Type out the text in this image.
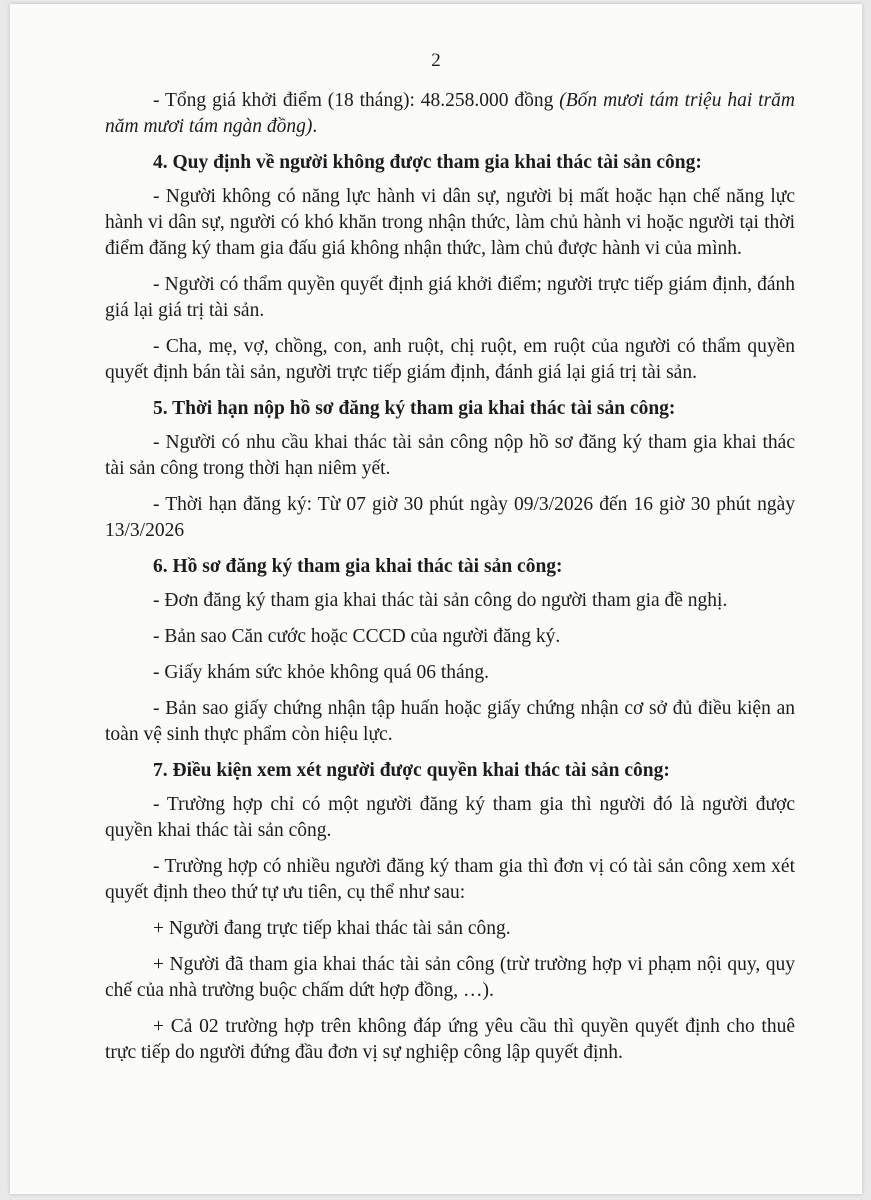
2

- Tổng giá khởi điểm (18 tháng): 48.258.000 đồng (Bốn mươi tám triệu hai trăm năm mươi tám ngàn đồng).

4. Quy định về người không được tham gia khai thác tài sản công:

- Người không có năng lực hành vi dân sự, người bị mất hoặc hạn chế năng lực hành vi dân sự, người có khó khăn trong nhận thức, làm chủ hành vi hoặc người tại thời điểm đăng ký tham gia đấu giá không nhận thức, làm chủ được hành vi của mình.

- Người có thẩm quyền quyết định giá khởi điểm; người trực tiếp giám định, đánh giá lại giá trị tài sản.

- Cha, mẹ, vợ, chồng, con, anh ruột, chị ruột, em ruột của người có thẩm quyền quyết định bán tài sản, người trực tiếp giám định, đánh giá lại giá trị tài sản.

5. Thời hạn nộp hồ sơ đăng ký tham gia khai thác tài sản công:

- Người có nhu cầu khai thác tài sản công nộp hồ sơ đăng ký tham gia khai thác tài sản công trong thời hạn niêm yết.

- Thời hạn đăng ký: Từ 07 giờ 30 phút ngày 09/3/2026 đến 16 giờ 30 phút ngày 13/3/2026

6. Hồ sơ đăng ký tham gia khai thác tài sản công:

- Đơn đăng ký tham gia khai thác tài sản công do người tham gia đề nghị.

- Bản sao Căn cước hoặc CCCD của người đăng ký.

- Giấy khám sức khỏe không quá 06 tháng.

- Bản sao giấy chứng nhận tập huấn hoặc giấy chứng nhận cơ sở đủ điều kiện an toàn vệ sinh thực phẩm còn hiệu lực.

7. Điều kiện xem xét người được quyền khai thác tài sản công:

- Trường hợp chỉ có một người đăng ký tham gia thì người đó là người được quyền khai thác tài sản công.

- Trường hợp có nhiều người đăng ký tham gia thì đơn vị có tài sản công xem xét quyết định theo thứ tự ưu tiên, cụ thể như sau:

+ Người đang trực tiếp khai thác tài sản công.

+ Người đã tham gia khai thác tài sản công (trừ trường hợp vi phạm nội quy, quy chế của nhà trường buộc chấm dứt hợp đồng, …).

+ Cả 02 trường hợp trên không đáp ứng yêu cầu thì quyền quyết định cho thuê trực tiếp do người đứng đầu đơn vị sự nghiệp công lập quyết định.
